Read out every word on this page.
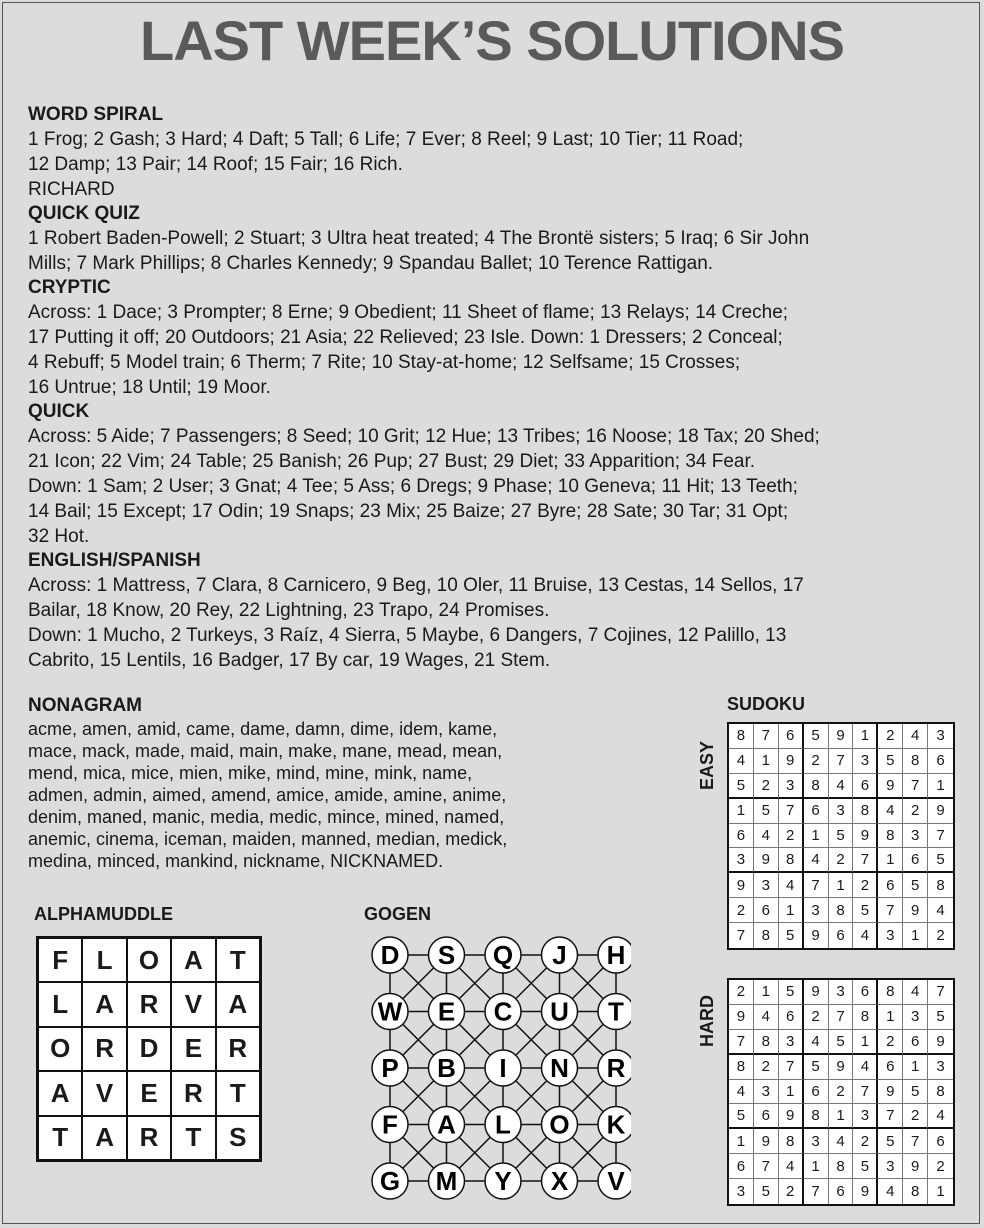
LAST WEEK’S SOLUTIONS
WORD SPIRAL
1 Frog; 2 Gash; 3 Hard; 4 Daft; 5 Tall; 6 Life; 7 Ever; 8 Reel; 9 Last; 10 Tier; 11 Road;
12 Damp; 13 Pair; 14 Roof; 15 Fair; 16 Rich.
RICHARD
QUICK QUIZ
1 Robert Baden-Powell; 2 Stuart; 3 Ultra heat treated; 4 The Brontë sisters; 5 Iraq; 6 Sir John
Mills; 7 Mark Phillips; 8 Charles Kennedy; 9 Spandau Ballet; 10 Terence Rattigan.
CRYPTIC
Across: 1 Dace; 3 Prompter; 8 Erne; 9 Obedient; 11 Sheet of flame; 13 Relays; 14 Creche;
17 Putting it off; 20 Outdoors; 21 Asia; 22 Relieved; 23 Isle. Down: 1 Dressers; 2 Conceal;
4 Rebuff; 5 Model train; 6 Therm; 7 Rite; 10 Stay-at-home; 12 Selfsame; 15 Crosses;
16 Untrue; 18 Until; 19 Moor.
QUICK
Across: 5 Aide; 7 Passengers; 8 Seed; 10 Grit; 12 Hue; 13 Tribes; 16 Noose; 18 Tax; 20 Shed;
21 Icon; 22 Vim; 24 Table; 25 Banish; 26 Pup; 27 Bust; 29 Diet; 33 Apparition; 34 Fear.
Down: 1 Sam; 2 User; 3 Gnat; 4 Tee; 5 Ass; 6 Dregs; 9 Phase; 10 Geneva; 11 Hit; 13 Teeth;
14 Bail; 15 Except; 17 Odin; 19 Snaps; 23 Mix; 25 Baize; 27 Byre; 28 Sate; 30 Tar; 31 Opt;
32 Hot.
ENGLISH/SPANISH
Across: 1 Mattress, 7 Clara, 8 Carnicero, 9 Beg, 10 Oler, 11 Bruise, 13 Cestas, 14 Sellos, 17
Bailar, 18 Know, 20 Rey, 22 Lightning, 23 Trapo, 24 Promises.
Down: 1 Mucho, 2 Turkeys, 3 Raíz, 4 Sierra, 5 Maybe, 6 Dangers, 7 Cojines, 12 Palillo, 13
Cabrito, 15 Lentils, 16 Badger, 17 By car, 19 Wages, 21 Stem.
NONAGRAM
acme, amen, amid, came, dame, damn, dime, idem, kame,
mace, mack, made, maid, main, make, mane, mead, mean,
mend, mica, mice, mien, mike, mind, mine, mink, name,
admen, admin, aimed, amend, amice, amide, amine, anime,
denim, maned, manic, media, medic, mince, mined, named,
anemic, cinema, iceman, maiden, manned, median, medick,
medina, minced, mankind, nickname, NICKNAMED.
ALPHAMUDDLE
F	L	O A	T
L	A R	V	A
O R D	E	R
A	V	E	R	T
T	A R	T	S
GOGEN
D S Q J H
W E C U T
P B I N R
F A L O K
G M Y X V
SUDOKU
EASY
8	7	6	5	9	1	2	4	3
4	1	9	2	7	3	5	8	6
5	2	3	8	4	6	9	7	1
1	5	7	6	3	8	4	2	9
6	4	2	1	5	9	8	3	7
3	9	8	4	2	7	1	6	5
9	3	4	7	1	2	6	5	8
2	6	1	3	8	5	7	9	4
7	8	5	9	6	4	3	1	2
HARD
2	1	5	9	3	6	8	4	7
9	4	6	2	7	8	1	3	5
7	8	3	4	5	1	2	6	9
8	2	7	5	9	4	6	1	3
4	3	1	6	2	7	9	5	8
5	6	9	8	1	3	7	2	4
1	9	8	3	4	2	5	7	6
6	7	4	1	8	5	3	9	2
3	5	2	7	6	9	4	8	1
